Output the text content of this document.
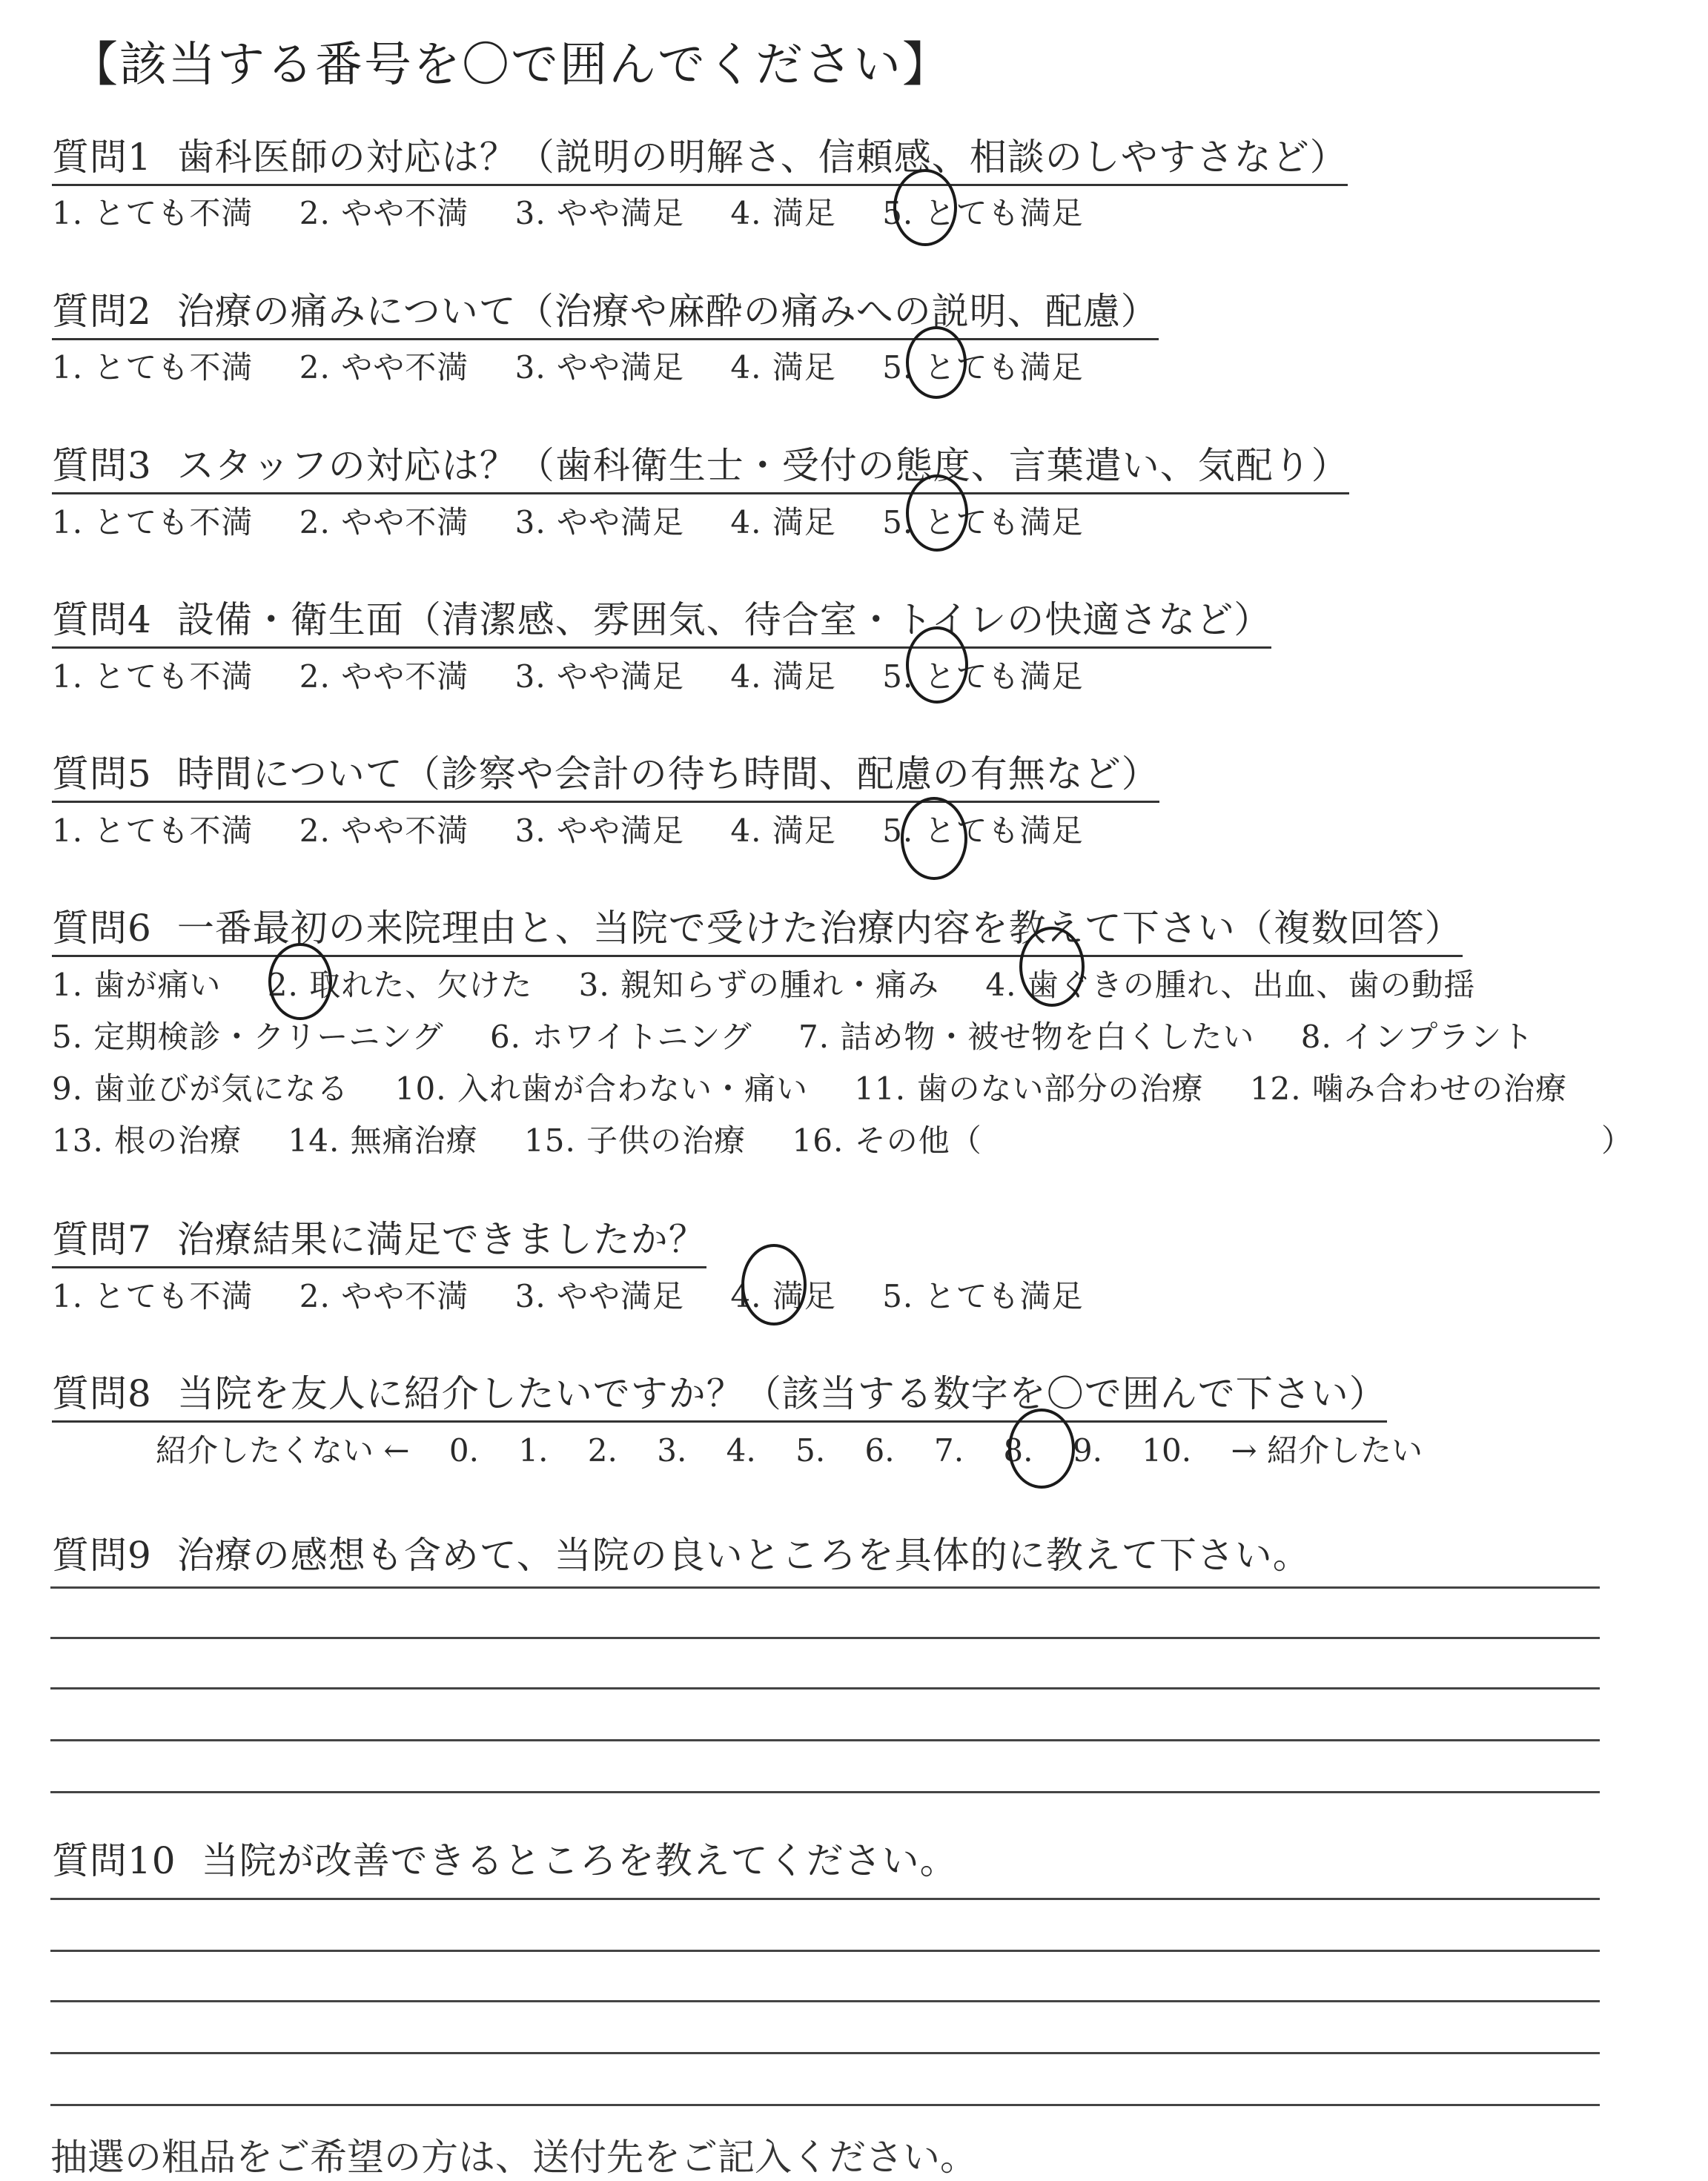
【該当する番号を〇で囲んでください】
質問1 歯科医師の対応は？（説明の明解さ、信頼感、相談のしやすさなど）
1. とても不満 2. やや不満 3. やや満足 4. 満足 5. とても満足
質問2 治療の痛みについて（治療や麻酔の痛みへの説明、配慮）
1. とても不満 2. やや不満 3. やや満足 4. 満足 5. とても満足
質問3 スタッフの対応は？（歯科衛生士・受付の態度、言葉遣い、気配り）
1. とても不満 2. やや不満 3. やや満足 4. 満足 5. とても満足
質問4 設備・衛生面（清潔感、雰囲気、待合室・トイレの快適さなど）
1. とても不満 2. やや不満 3. やや満足 4. 満足 5. とても満足
質問5 時間について（診察や会計の待ち時間、配慮の有無など）
1. とても不満 2. やや不満 3. やや満足 4. 満足 5. とても満足
質問6 一番最初の来院理由と、当院で受けた治療内容を教えて下さい（複数回答）
1. 歯が痛い 2. 取れた、欠けた 3. 親知らずの腫れ・痛み 4. 歯ぐきの腫れ、出血、歯の動揺
5. 定期検診・クリーニング 6. ホワイトニング 7. 詰め物・被せ物を白くしたい 8. インプラント
9. 歯並びが気になる 10. 入れ歯が合わない・痛い 11. 歯のない部分の治療 12. 噛み合わせの治療
13. 根の治療 14. 無痛治療 15. 子供の治療 16. その他（	）
質問7 治療結果に満足できましたか？
1. とても不満 2. やや不満 3. やや満足 4. 満足 5. とても満足
質問8 当院を友人に紹介したいですか？（該当する数字を〇で囲んで下さい）
紹介したくない ← 0. 1. 2. 3. 4. 5. 6. 7. 8. 9. 10. → 紹介したい
質問9 治療の感想も含めて、当院の良いところを具体的に教えて下さい。
質問10 当院が改善できるところを教えてください。
抽選の粗品をご希望の方は、送付先をご記入ください。
